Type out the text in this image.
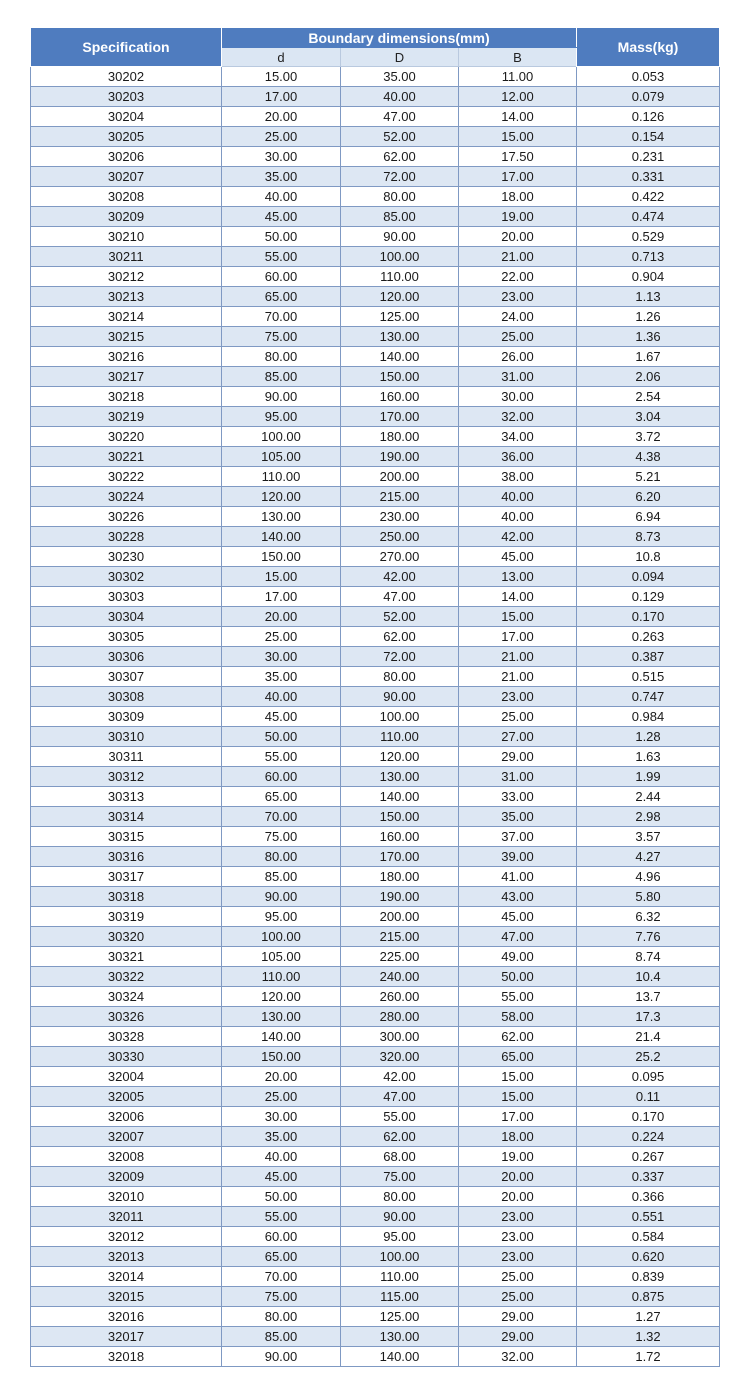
Specification	Boundary dimensions(mm)			Mass(kg)
	d	D	B	
30202	15.00	35.00	11.00	0.053
30203	17.00	40.00	12.00	0.079
30204	20.00	47.00	14.00	0.126
30205	25.00	52.00	15.00	0.154
30206	30.00	62.00	17.50	0.231
30207	35.00	72.00	17.00	0.331
30208	40.00	80.00	18.00	0.422
30209	45.00	85.00	19.00	0.474
30210	50.00	90.00	20.00	0.529
30211	55.00	100.00	21.00	0.713
30212	60.00	110.00	22.00	0.904
30213	65.00	120.00	23.00	1.13
30214	70.00	125.00	24.00	1.26
30215	75.00	130.00	25.00	1.36
30216	80.00	140.00	26.00	1.67
30217	85.00	150.00	31.00	2.06
30218	90.00	160.00	30.00	2.54
30219	95.00	170.00	32.00	3.04
30220	100.00	180.00	34.00	3.72
30221	105.00	190.00	36.00	4.38
30222	110.00	200.00	38.00	5.21
30224	120.00	215.00	40.00	6.20
30226	130.00	230.00	40.00	6.94
30228	140.00	250.00	42.00	8.73
30230	150.00	270.00	45.00	10.8
30302	15.00	42.00	13.00	0.094
30303	17.00	47.00	14.00	0.129
30304	20.00	52.00	15.00	0.170
30305	25.00	62.00	17.00	0.263
30306	30.00	72.00	21.00	0.387
30307	35.00	80.00	21.00	0.515
30308	40.00	90.00	23.00	0.747
30309	45.00	100.00	25.00	0.984
30310	50.00	110.00	27.00	1.28
30311	55.00	120.00	29.00	1.63
30312	60.00	130.00	31.00	1.99
30313	65.00	140.00	33.00	2.44
30314	70.00	150.00	35.00	2.98
30315	75.00	160.00	37.00	3.57
30316	80.00	170.00	39.00	4.27
30317	85.00	180.00	41.00	4.96
30318	90.00	190.00	43.00	5.80
30319	95.00	200.00	45.00	6.32
30320	100.00	215.00	47.00	7.76
30321	105.00	225.00	49.00	8.74
30322	110.00	240.00	50.00	10.4
30324	120.00	260.00	55.00	13.7
30326	130.00	280.00	58.00	17.3
30328	140.00	300.00	62.00	21.4
30330	150.00	320.00	65.00	25.2
32004	20.00	42.00	15.00	0.095
32005	25.00	47.00	15.00	0.11
32006	30.00	55.00	17.00	0.170
32007	35.00	62.00	18.00	0.224
32008	40.00	68.00	19.00	0.267
32009	45.00	75.00	20.00	0.337
32010	50.00	80.00	20.00	0.366
32011	55.00	90.00	23.00	0.551
32012	60.00	95.00	23.00	0.584
32013	65.00	100.00	23.00	0.620
32014	70.00	110.00	25.00	0.839
32015	75.00	115.00	25.00	0.875
32016	80.00	125.00	29.00	1.27
32017	85.00	130.00	29.00	1.32
32018	90.00	140.00	32.00	1.72
